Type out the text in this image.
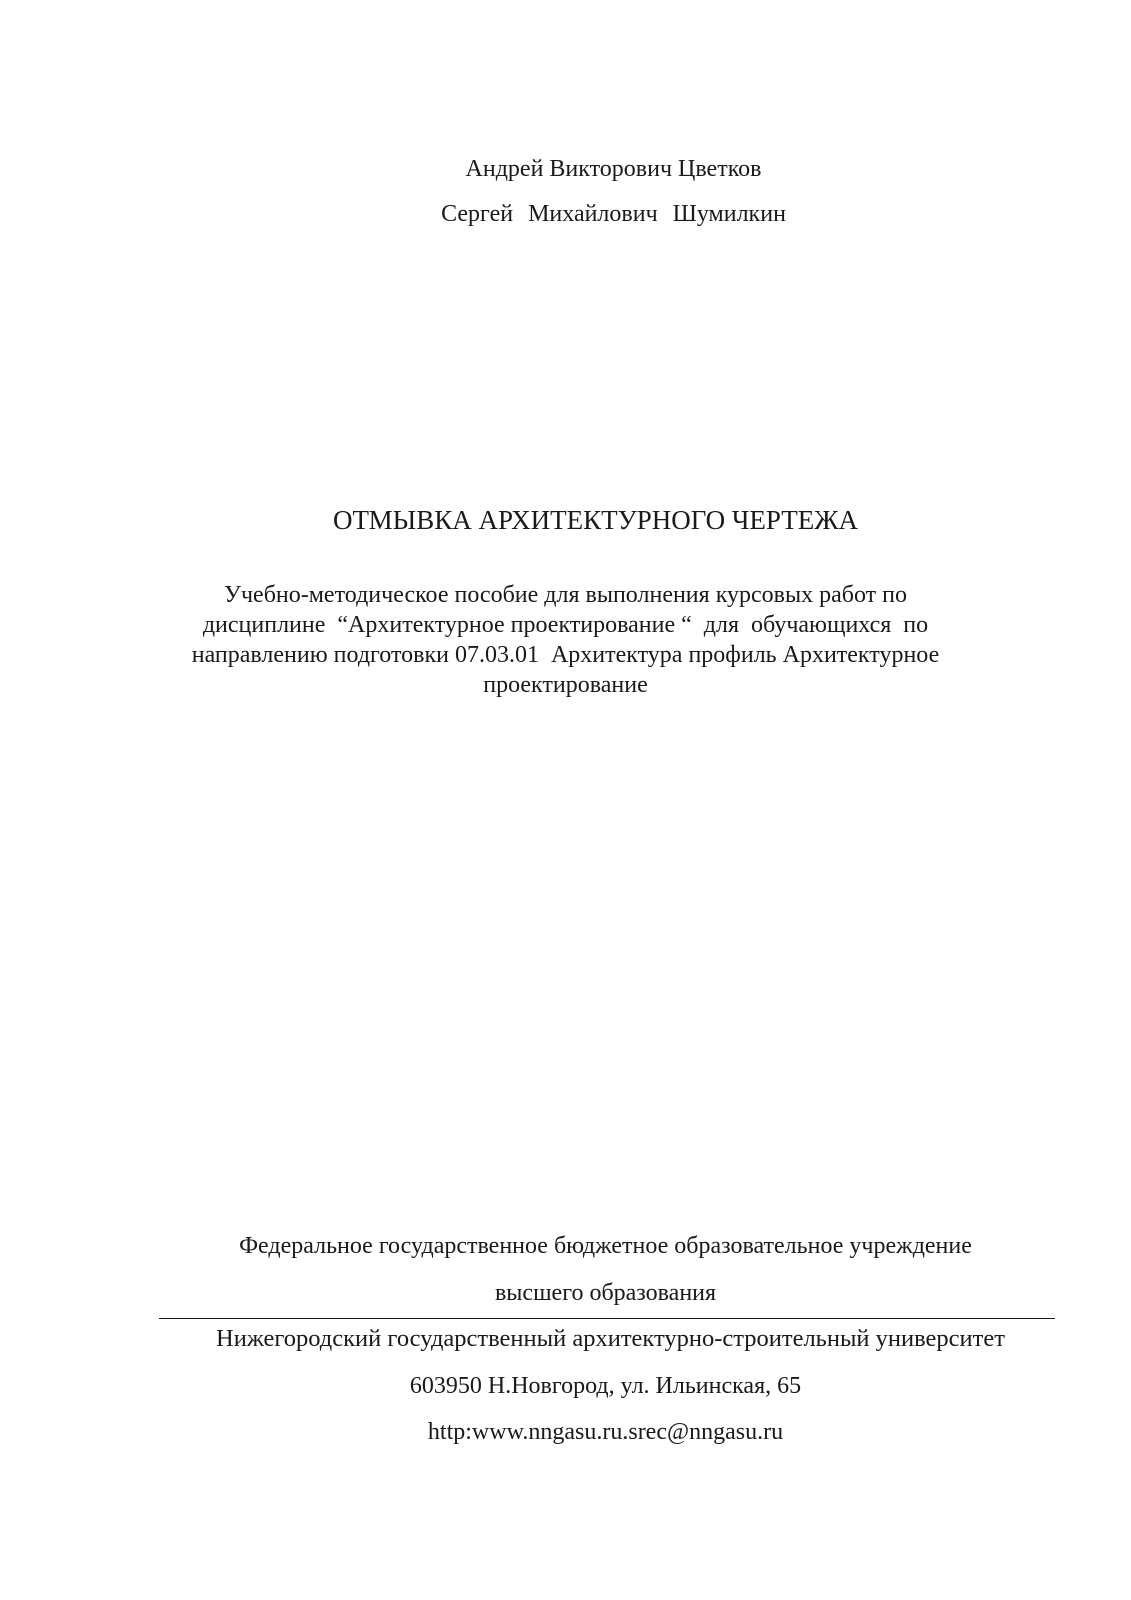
Андрей Викторович Цветков

Сергей Михайлович Шумилкин

ОТМЫВКА АРХИТЕКТУРНОГО ЧЕРТЕЖА
Учебно-методическое пособие для выполнения курсовых работ по
дисциплине  “Архитектурное проектирование “  для  обучающихся  по
направлению подготовки 07.03.01  Архитектура профиль Архитектурное
проектирование

Федеральное государственное бюджетное образовательное учреждение

высшего образования

Нижегородский государственный архитектурно-строительный университет

603950 Н.Новгород, ул. Ильинская, 65

http:www.nngasu.ru.srec@nngasu.ru
